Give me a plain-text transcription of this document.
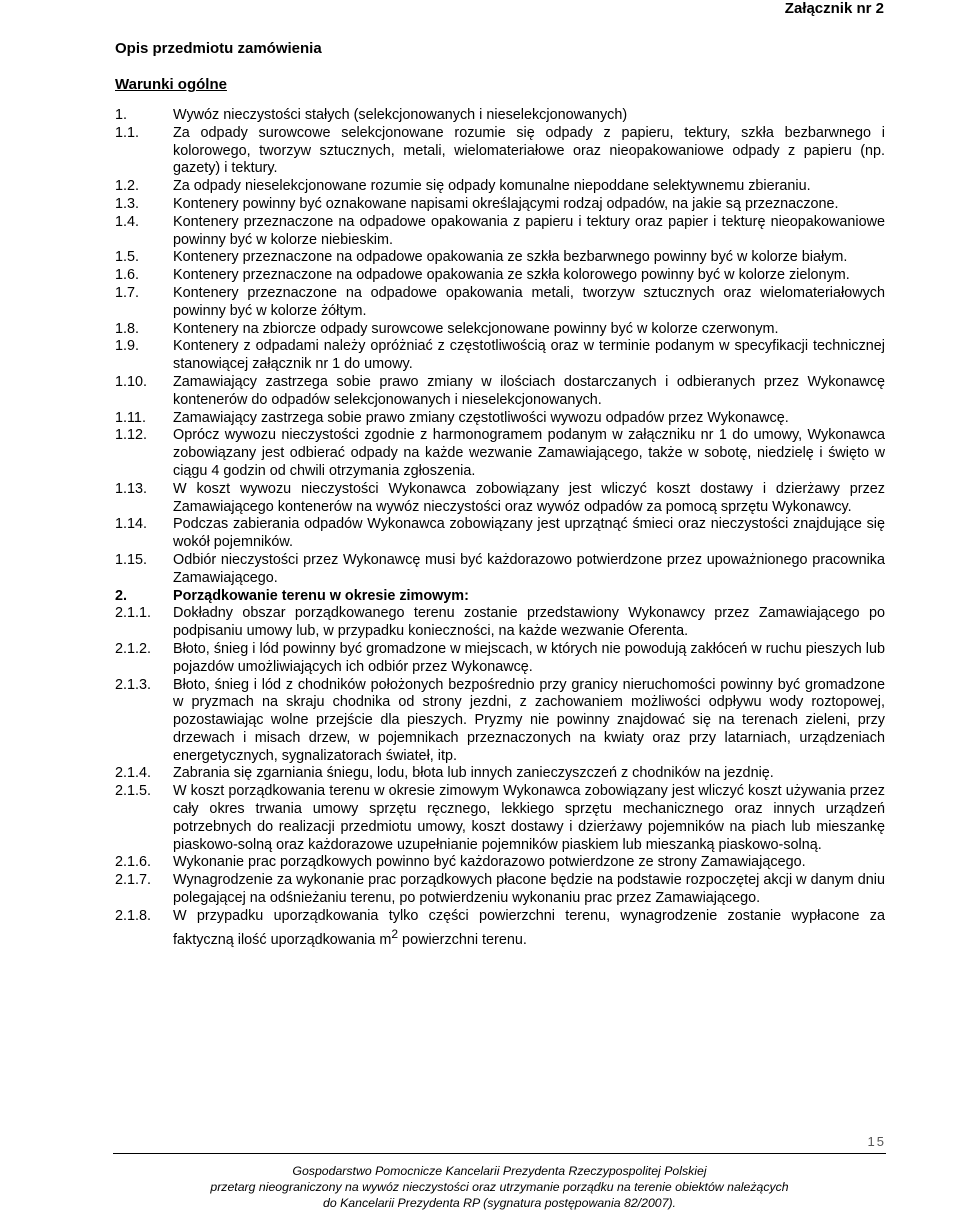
Załącznik nr 2
Opis przedmiotu zamówienia
Warunki ogólne
1.	Wywóz nieczystości stałych (selekcjonowanych i nieselekcjonowanych)
1.1.	Za odpady surowcowe selekcjonowane rozumie się odpady z papieru, tektury, szkła bezbarwnego i kolorowego, tworzyw sztucznych, metali, wielomateriałowe oraz nieopakowaniowe odpady z papieru (np. gazety) i tektury.
1.2.	Za odpady nieselekcjonowane rozumie się odpady komunalne niepoddane selektywnemu zbieraniu.
1.3.	Kontenery powinny być oznakowane napisami określającymi rodzaj odpadów, na jakie są przeznaczone.
1.4.	Kontenery przeznaczone na odpadowe opakowania z papieru i tektury oraz papier i tekturę nieopakowaniowe powinny być w kolorze niebieskim.
1.5.	Kontenery przeznaczone na odpadowe opakowania ze szkła bezbarwnego powinny być w kolorze białym.
1.6.	Kontenery przeznaczone na odpadowe opakowania ze szkła kolorowego powinny być w kolorze zielonym.
1.7.	Kontenery przeznaczone na odpadowe opakowania metali, tworzyw sztucznych oraz wielomateriałowych powinny być w kolorze żółtym.
1.8.	Kontenery na zbiorcze odpady surowcowe selekcjonowane powinny być w kolorze czerwonym.
1.9.	Kontenery z odpadami należy opróżniać z częstotliwością oraz w terminie podanym w specyfikacji technicznej stanowiącej załącznik nr 1 do umowy.
1.10.	Zamawiający zastrzega sobie prawo zmiany w ilościach dostarczanych i odbieranych przez Wykonawcę kontenerów do odpadów selekcjonowanych i nieselekcjonowanych.
1.11.	Zamawiający zastrzega sobie prawo zmiany częstotliwości wywozu odpadów przez Wykonawcę.
1.12.	Oprócz wywozu nieczystości zgodnie z harmonogramem podanym w załączniku nr 1 do umowy, Wykonawca zobowiązany jest odbierać odpady na każde wezwanie Zamawiającego, także w sobotę, niedzielę i święto w ciągu 4 godzin od chwili otrzymania zgłoszenia.
1.13.	W koszt wywozu nieczystości Wykonawca zobowiązany jest wliczyć koszt dostawy i dzierżawy przez Zamawiającego kontenerów na wywóz nieczystości oraz wywóz odpadów za pomocą sprzętu Wykonawcy.
1.14.	Podczas zabierania odpadów Wykonawca zobowiązany jest uprzątnąć śmieci oraz nieczystości znajdujące się wokół pojemników.
1.15.	Odbiór nieczystości przez Wykonawcę musi być każdorazowo potwierdzone przez upoważnionego pracownika Zamawiającego.
2.	Porządkowanie terenu w okresie zimowym:
2.1.1.	Dokładny obszar porządkowanego terenu zostanie przedstawiony Wykonawcy przez Zamawiającego po podpisaniu umowy lub, w przypadku konieczności, na każde wezwanie Oferenta.
2.1.2.	Błoto, śnieg i lód powinny być gromadzone w miejscach, w których nie powodują zakłóceń w ruchu pieszych lub pojazdów umożliwiających ich odbiór przez Wykonawcę.
2.1.3.	Błoto, śnieg i lód z chodników położonych bezpośrednio przy granicy nieruchomości powinny być gromadzone w pryzmach na skraju chodnika od strony jezdni, z zachowaniem możliwości odpływu wody roztopowej, pozostawiając wolne przejście dla pieszych. Pryzmy nie powinny znajdować się na terenach zieleni, przy drzewach i misach drzew, w pojemnikach przeznaczonych na kwiaty oraz przy latarniach, urządzeniach energetycznych, sygnalizatorach świateł, itp.
2.1.4.	Zabrania się zgarniania śniegu, lodu, błota lub innych zanieczyszczeń z chodników na jezdnię.
2.1.5.	W koszt porządkowania terenu w okresie zimowym Wykonawca zobowiązany jest wliczyć koszt używania przez cały okres trwania umowy sprzętu ręcznego, lekkiego sprzętu mechanicznego oraz innych urządzeń potrzebnych do realizacji przedmiotu umowy, koszt dostawy i dzierżawy pojemników na piach lub mieszankę piaskowo-solną oraz każdorazowe uzupełnianie pojemników piaskiem lub mieszanką piaskowo-solną.
2.1.6.	Wykonanie prac porządkowych powinno być każdorazowo potwierdzone ze strony Zamawiającego.
2.1.7.	Wynagrodzenie za wykonanie prac porządkowych płacone będzie na podstawie rozpoczętej akcji w danym dniu polegającej na odśnieżaniu terenu, po potwierdzeniu wykonaniu prac przez Zamawiającego.
2.1.8.	W przypadku uporządkowania tylko części powierzchni terenu, wynagrodzenie zostanie wypłacone za faktyczną ilość uporządkowania $m^2$ powierzchni terenu.
15
Gospodarstwo Pomocnicze Kancelarii Prezydenta Rzeczypospolitej Polskiej
przetarg nieograniczony na wywóz nieczystości oraz utrzymanie porządku na terenie obiektów należących
do Kancelarii Prezydenta RP (sygnatura postępowania 82/2007).
